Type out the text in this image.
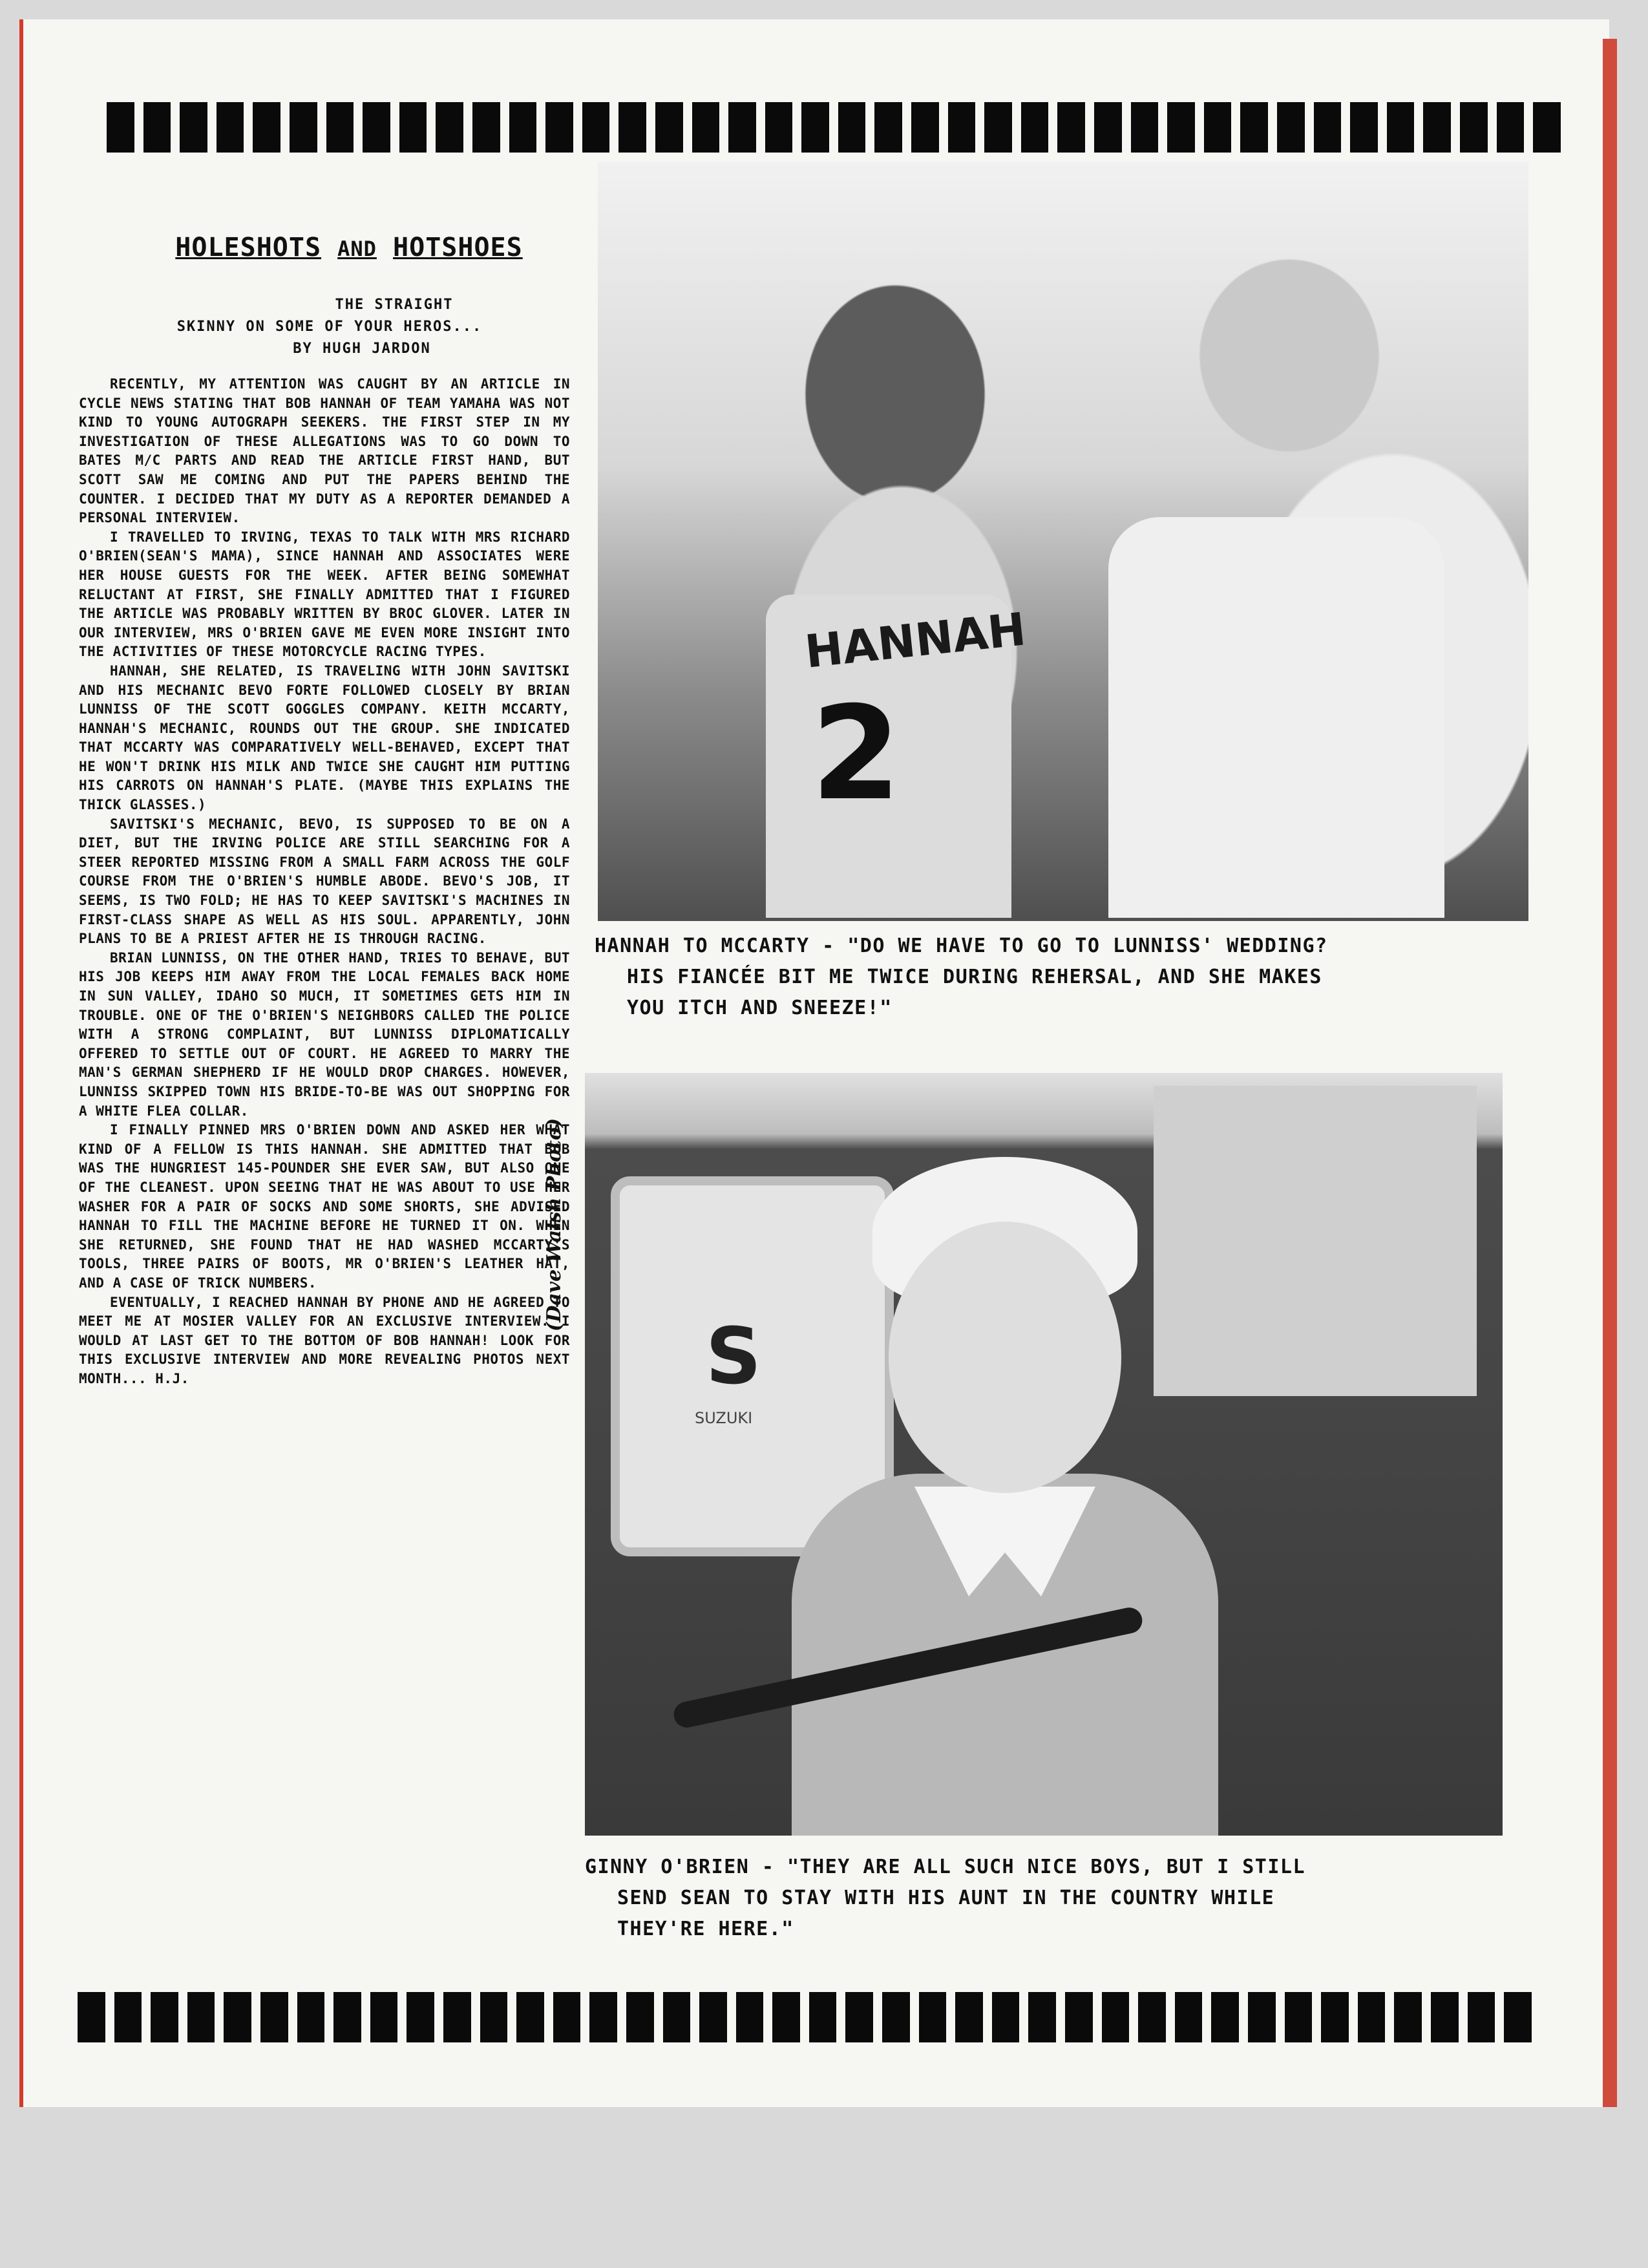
HOLESHOTS AND HOTSHOES
THE STRAIGHT
SKINNY ON SOME OF YOUR HEROS...
BY HUGH JARDON

RECENTLY, MY ATTENTION WAS CAUGHT BY AN ARTICLE IN CYCLE NEWS STATING THAT BOB HANNAH OF TEAM YAMAHA WAS NOT KIND TO YOUNG AUTOGRAPH SEEKERS. THE FIRST STEP IN MY INVESTIGATION OF THESE ALLEGATIONS WAS TO GO DOWN TO BATES M/C PARTS AND READ THE ARTICLE FIRST HAND, BUT SCOTT SAW ME COMING AND PUT THE PAPERS BEHIND THE COUNTER. I DECIDED THAT MY DUTY AS A REPORTER DEMANDED A PERSONAL INTERVIEW.

I TRAVELLED TO IRVING, TEXAS TO TALK WITH MRS RICHARD O'BRIEN(SEAN'S MAMA), SINCE HANNAH AND ASSOCIATES WERE HER HOUSE GUESTS FOR THE WEEK. AFTER BEING SOMEWHAT RELUCTANT AT FIRST, SHE FINALLY ADMITTED THAT I FIGURED THE ARTICLE WAS PROBABLY WRITTEN BY BROC GLOVER. LATER IN OUR INTERVIEW, MRS O'BRIEN GAVE ME EVEN MORE INSIGHT INTO THE ACTIVITIES OF THESE MOTORCYCLE RACING TYPES.

HANNAH, SHE RELATED, IS TRAVELING WITH JOHN SAVITSKI AND HIS MECHANIC BEVO FORTE FOLLOWED CLOSELY BY BRIAN LUNNISS OF THE SCOTT GOGGLES COMPANY. KEITH MCCARTY, HANNAH'S MECHANIC, ROUNDS OUT THE GROUP. SHE INDICATED THAT MCCARTY WAS COMPARATIVELY WELL-BEHAVED, EXCEPT THAT HE WON'T DRINK HIS MILK AND TWICE SHE CAUGHT HIM PUTTING HIS CARROTS ON HANNAH'S PLATE. (MAYBE THIS EXPLAINS THE THICK GLASSES.)

SAVITSKI'S MECHANIC, BEVO, IS SUPPOSED TO BE ON A DIET, BUT THE IRVING POLICE ARE STILL SEARCHING FOR A STEER REPORTED MISSING FROM A SMALL FARM ACROSS THE GOLF COURSE FROM THE O'BRIEN'S HUMBLE ABODE. BEVO'S JOB, IT SEEMS, IS TWO FOLD; HE HAS TO KEEP SAVITSKI'S MACHINES IN FIRST-CLASS SHAPE AS WELL AS HIS SOUL. APPARENTLY, JOHN PLANS TO BE A PRIEST AFTER HE IS THROUGH RACING.

BRIAN LUNNISS, ON THE OTHER HAND, TRIES TO BEHAVE, BUT HIS JOB KEEPS HIM AWAY FROM THE LOCAL FEMALES BACK HOME IN SUN VALLEY, IDAHO SO MUCH, IT SOMETIMES GETS HIM IN TROUBLE. ONE OF THE O'BRIEN'S NEIGHBORS CALLED THE POLICE WITH A STRONG COMPLAINT, BUT LUNNISS DIPLOMATICALLY OFFERED TO SETTLE OUT OF COURT. HE AGREED TO MARRY THE MAN'S GERMAN SHEPHERD IF HE WOULD DROP CHARGES. HOWEVER, LUNNISS SKIPPED TOWN HIS BRIDE-TO-BE WAS OUT SHOPPING FOR A WHITE FLEA COLLAR.

I FINALLY PINNED MRS O'BRIEN DOWN AND ASKED HER WHAT KIND OF A FELLOW IS THIS HANNAH. SHE ADMITTED THAT BOB WAS THE HUNGRIEST 145-POUNDER SHE EVER SAW, BUT ALSO ONE OF THE CLEANEST. UPON SEEING THAT HE WAS ABOUT TO USE HER WASHER FOR A PAIR OF SOCKS AND SOME SHORTS, SHE ADVISED HANNAH TO FILL THE MACHINE BEFORE HE TURNED IT ON. WHEN SHE RETURNED, SHE FOUND THAT HE HAD WASHED MCCARTY'S TOOLS, THREE PAIRS OF BOOTS, MR O'BRIEN'S LEATHER HAT, AND A CASE OF TRICK NUMBERS.

EVENTUALLY, I REACHED HANNAH BY PHONE AND HE AGREED TO MEET ME AT MOSIER VALLEY FOR AN EXCLUSIVE INTERVIEW. I WOULD AT LAST GET TO THE BOTTOM OF BOB HANNAH! LOOK FOR THIS EXCLUSIVE INTERVIEW AND MORE REVEALING PHOTOS NEXT MONTH... H.J.

HANNAH
2
HANNAH TO MCCARTY - "DO WE HAVE TO GO TO LUNNISS' WEDDING?
HIS FIANCÉE BIT ME TWICE DURING REHERSAL, AND SHE MAKES
YOU ITCH AND SNEEZE!"
(Dave Walsh Photo)
S
SUZUKI
GINNY O'BRIEN - "THEY ARE ALL SUCH NICE BOYS, BUT I STILL
SEND SEAN TO STAY WITH HIS AUNT IN THE COUNTRY WHILE
THEY'RE HERE."
